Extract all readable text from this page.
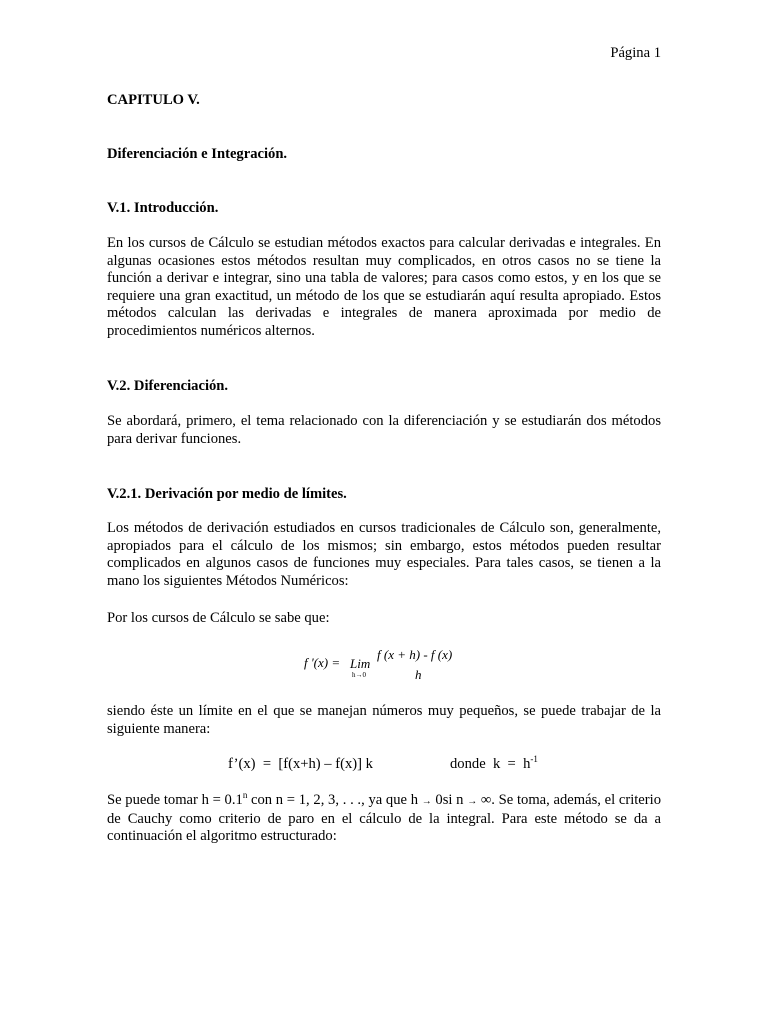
Página 1
CAPITULO V.
Diferenciación e Integración.
V.1. Introducción.
En los cursos de Cálculo se estudian métodos exactos para calcular derivadas e integrales. En algunas ocasiones estos métodos resultan muy complicados, en otros casos no se tiene la función a derivar e integrar, sino una tabla de valores; para casos como estos, y en los que se requiere una gran exactitud, un método de los que se estudiarán aquí resulta apropiado. Estos métodos calculan las derivadas e integrales de manera aproximada por medio de procedimientos numéricos alternos.
V.2. Diferenciación.
Se abordará, primero, el tema relacionado con la diferenciación y se estudiarán dos métodos para derivar funciones.
V.2.1. Derivación por medio de límites.
Los métodos de derivación estudiados en cursos tradicionales de Cálculo son, generalmente, apropiados para el cálculo de los mismos; sin embargo, estos métodos pueden resultar complicados en algunos casos de funciones muy especiales. Para tales casos, se tienen a la mano los siguientes Métodos Numéricos:
Por los cursos de Cálculo se sabe que:
f '(x) = Lim
h→0
f (x + h) - f (x)
h
siendo éste un límite en el que se manejan números muy pequeños, se puede trabajar de la siguiente manera:
f’(x)  =  [f(x+h) – f(x)] k	donde  $k = h^{-1}$
Se puede tomar $h = 0.1^n$ con n = 1, 2, 3, . . ., ya que h → 0si n → ∞. Se toma, además, el criterio de Cauchy como criterio de paro en el cálculo de la integral. Para este método se da a continuación el algoritmo estructurado:
